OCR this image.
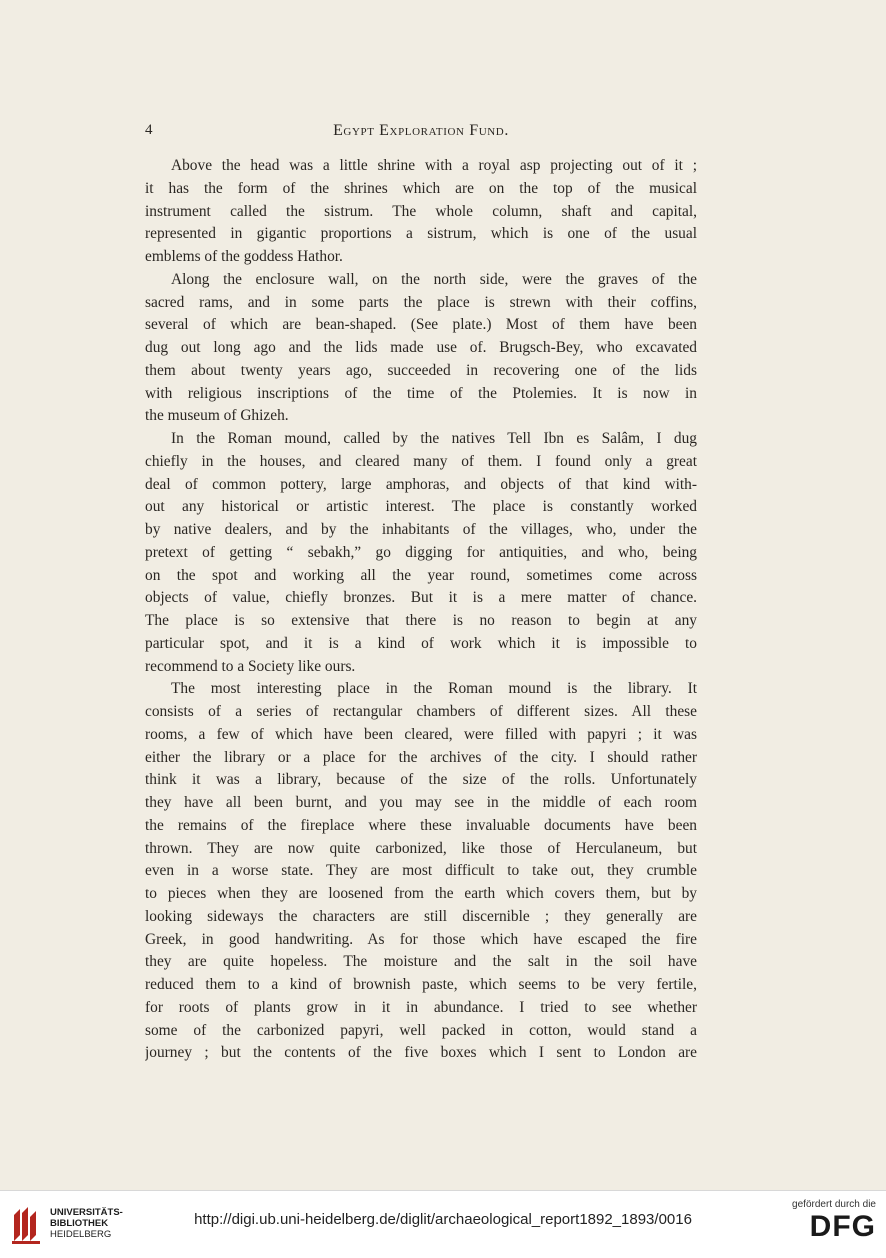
4	Egypt Exploration Fund.
Above the head was a little shrine with a royal asp projecting out of it ;
it has the form of the shrines which are on the top of the musical
instrument called the sistrum. The whole column, shaft and capital,
represented in gigantic proportions a sistrum, which is one of the usual
emblems of the goddess Hathor.
Along the enclosure wall, on the north side, were the graves of the
sacred rams, and in some parts the place is strewn with their coffins,
several of which are bean-shaped. (See plate.) Most of them have been
dug out long ago and the lids made use of. Brugsch-Bey, who excavated
them about twenty years ago, succeeded in recovering one of the lids
with religious inscriptions of the time of the Ptolemies. It is now in
the museum of Ghizeh.
In the Roman mound, called by the natives Tell Ibn es Salâm, I dug
chiefly in the houses, and cleared many of them. I found only a great
deal of common pottery, large amphoras, and objects of that kind with-
out any historical or artistic interest. The place is constantly worked
by native dealers, and by the inhabitants of the villages, who, under the
pretext of getting “ sebakh,” go digging for antiquities, and who, being
on the spot and working all the year round, sometimes come across
objects of value, chiefly bronzes. But it is a mere matter of chance.
The place is so extensive that there is no reason to begin at any
particular spot, and it is a kind of work which it is impossible to
recommend to a Society like ours.
The most interesting place in the Roman mound is the library. It
consists of a series of rectangular chambers of different sizes. All these
rooms, a few of which have been cleared, were filled with papyri ; it was
either the library or a place for the archives of the city. I should rather
think it was a library, because of the size of the rolls. Unfortunately
they have all been burnt, and you may see in the middle of each room
the remains of the fireplace where these invaluable documents have been
thrown. They are now quite carbonized, like those of Herculaneum, but
even in a worse state. They are most difficult to take out, they crumble
to pieces when they are loosened from the earth which covers them, but by
looking sideways the characters are still discernible ; they generally are
Greek, in good handwriting. As for those which have escaped the fire
they are quite hopeless. The moisture and the salt in the soil have
reduced them to a kind of brownish paste, which seems to be very fertile,
for roots of plants grow in it in abundance. I tried to see whether
some of the carbonized papyri, well packed in cotton, would stand a
journey ; but the contents of the five boxes which I sent to London are
UNIVERSITÄTS-
BIBLIOTHEK
HEIDELBERG
http://digi.ub.uni-heidelberg.de/diglit/archaeological_report1892_1893/0016
gefördert durch die
DFG
